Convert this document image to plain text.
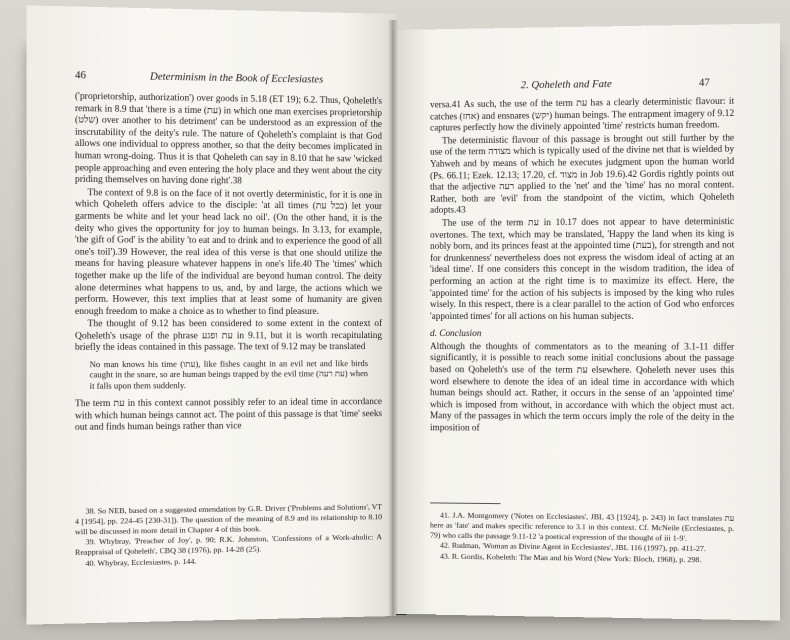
46	Determinism in the Book of Ecclesiastes

('proprietorship, authorization') over goods in 5.18 (ET 19); 6.2. Thus, Qoheleth's remark in 8.9 that 'there is a time (עת) in which one man exercises proprietorship (שלט) over another to his detriment' can be understood as an expression of the inscrutability of the deity's rule. The nature of Qoheleth's complaint is that God allows one individual to oppress another, so that the deity becomes implicated in human wrong-doing. Thus it is that Qoheleth can say in 8.10 that he saw 'wicked people approaching and even entering the holy place and they went about the city priding themselves on having done right'.38

The context of 9.8 is on the face of it not overtly deterministic, for it is one in which Qoheleth offers advice to the disciple: 'at all times (בכל עת) let your garments be white and let your head lack no oil'. (On the other hand, it is the deity who gives the opportunity for joy to human beings. In 3.13, for example, 'the gift of God' is the ability 'to eat and to drink and to experience the good of all one's toil').39 However, the real idea of this verse is that one should utilize the means for having pleasure whatever happens in one's life.40 The 'times' which together make up the life of the individual are beyond human control. The deity alone determines what happens to us, and, by and large, the actions which we perform. However, this text implies that at least some of humanity are given enough freedom to make a choice as to whether to find pleasure.

The thought of 9.12 has been considered to some extent in the context of Qoheleth's usage of the phrase עת ופגע in 9.11, but it is worth recapitulating briefly the ideas contained in this passage. The text of 9.12 may be translated

No man knows his time (עתו), like fishes caught in an evil net and like birds caught in the snare, so are human beings trapped by the evil time (עת רעה) when it falls upon them suddenly.

The term עת in this context cannot possibly refer to an ideal time in accordance with which human beings cannot act. The point of this passage is that 'time' seeks out and finds human beings rather than vice

38. So NEB, based on a suggested emendation by G.R. Driver ('Problems and Solutions', VT 4 [1954], pp. 224-45 [230-31]). The question of the meaning of 8.9 and its relationship to 8.10 will be discussed in more detail in Chapter 4 of this book.

39. Whybray, 'Preacher of Joy', p. 90; R.K. Johnston, 'Confessions of a Work-aholic: A Reappraisal of Qoheleth', CBQ 38 (1976), pp. 14-28 (25).

40. Whybray, Ecclesiastes, p. 144.

2. Qoheleth and Fate	47

versa.41 As such, the use of the term עת has a clearly deterministic flavour: it catches (אחז) and ensnares (יקש) human beings. The entrapment imagery of 9.12 captures perfectly how the divinely appointed 'time' restricts human freedom.

The deterministic flavour of this passage is brought out still further by the use of the term מצודה which is typically used of the divine net that is wielded by Yahweh and by means of which he executes judgment upon the human world (Ps. 66.11; Ezek. 12.13; 17.20, cf. מצוד in Job 19.6).42 Gordis rightly points out that the adjective רעה applied to the 'net' and the 'time' has no moral content. Rather, both are 'evil' from the standpoint of the victim, which Qoheleth adopts.43

The use of the term עת in 10.17 does not appear to have deterministic overtones. The text, which may be translated, 'Happy the land when its king is nobly born, and its princes feast at the appointed time (בעת), for strength and not for drunkenness' nevertheless does not express the wisdom ideal of acting at an 'ideal time'. If one considers this concept in the wisdom tradition, the idea of performing an action at the right time is to maximize its effect. Here, the 'appointed time' for the action of his subjects is imposed by the king who rules wisely. In this respect, there is a clear parallel to the action of God who enforces 'appointed times' for all actions on his human subjects.

d. Conclusion

Although the thoughts of commentators as to the meaning of 3.1-11 differ significantly, it is possible to reach some initial conclusions about the passage based on Qoheleth's use of the term עת elsewhere. Qoheleth never uses this word elsewhere to denote the idea of an ideal time in accordance with which human beings should act. Rather, it occurs in the sense of an 'appointed time' which is imposed from without, in accordance with which the object must act. Many of the passages in which the term occurs imply the role of the deity in the imposition of

41. J.A. Montgomery ('Notes on Ecclesiastes', JBL 43 [1924], p. 243) in fact translates עת here as 'fate' and makes specific reference to 3.1 in this context. Cf. McNeile (Ecclesiastes, p. 79) who calls the passage 9.11-12 'a poetical expression of the thought of iii 1-9'.

42. Rudman, 'Woman as Divine Agent in Ecclesiastes', JBL 116 (1997), pp. 411-27.

43. R. Gordis, Koheleth: The Man and his Word (New York: Bloch, 1968), p. 298.
